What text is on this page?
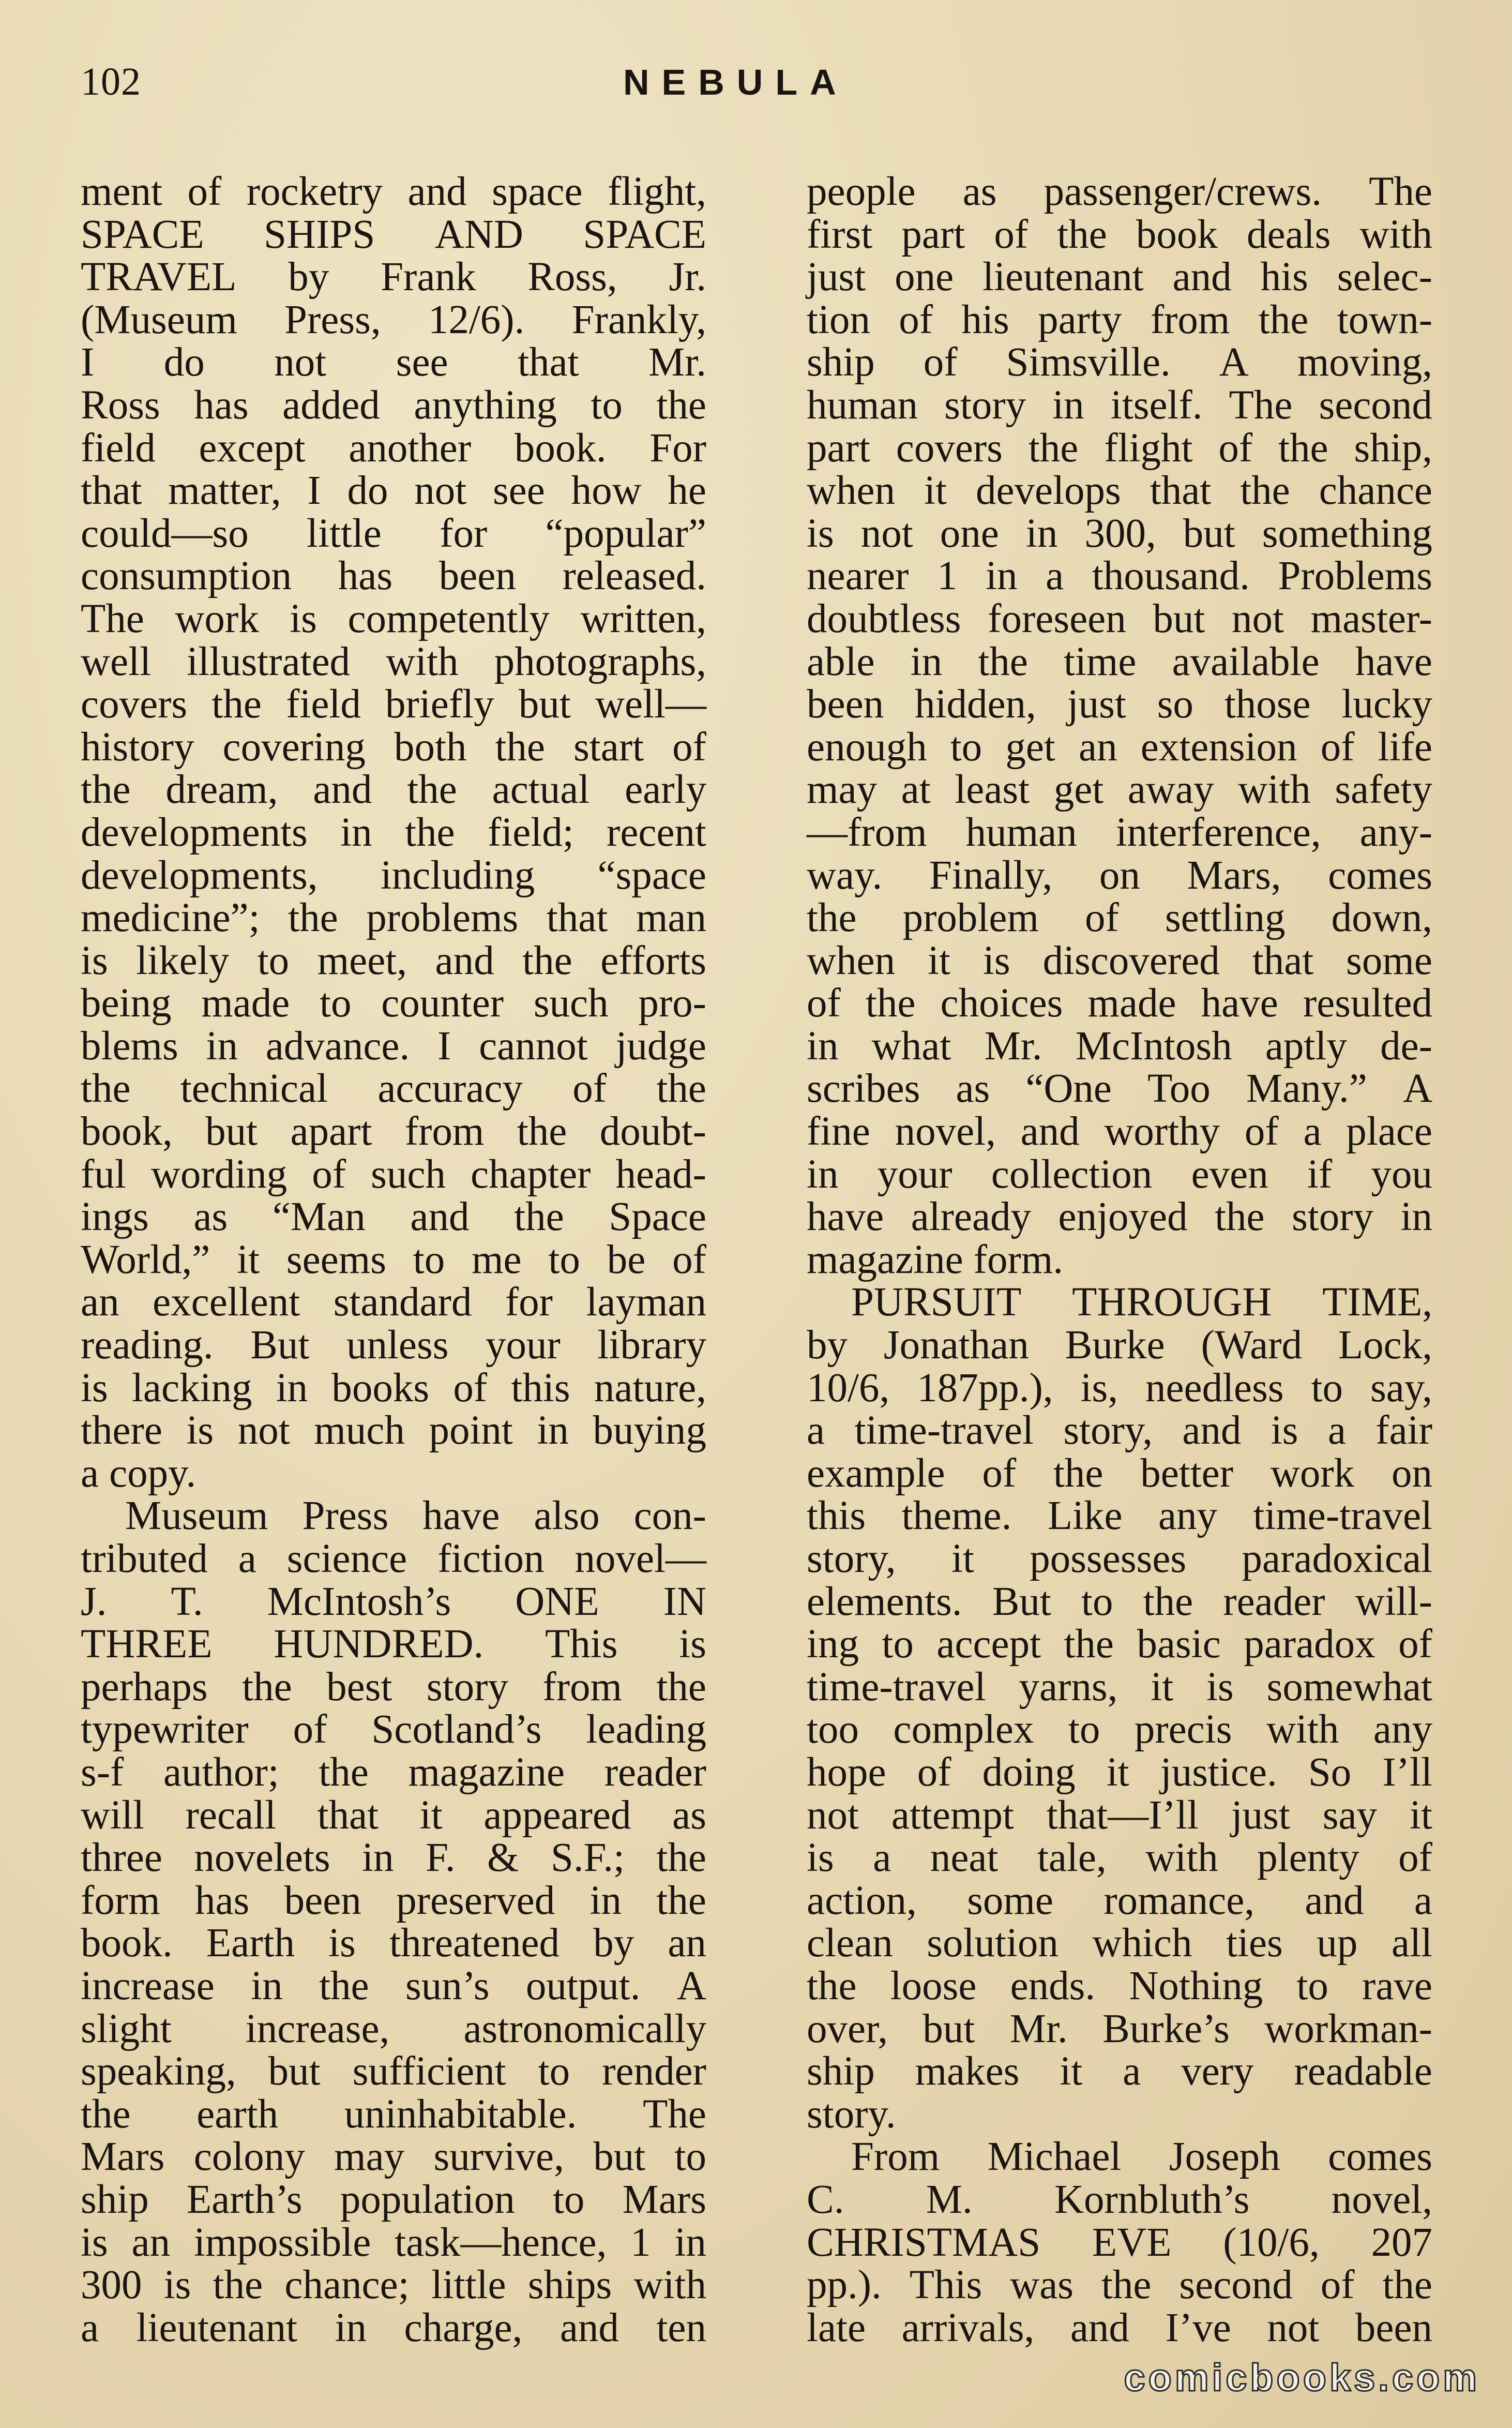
102	NEBULA
ment of rocketry and space flight,
SPACE SHIPS AND SPACE
TRAVEL by Frank Ross, Jr.
(Museum Press, 12/6). Frankly,
I do not see that Mr.
Ross has added anything to the
field except another book. For
that matter, I do not see how he
could—so little for “popular”
consumption has been released.
The work is competently written,
well illustrated with photographs,
covers the field briefly but well—
history covering both the start of
the dream, and the actual early
developments in the field; recent
developments, including “space
medicine”; the problems that man
is likely to meet, and the efforts
being made to counter such pro-
blems in advance. I cannot judge
the technical accuracy of the
book, but apart from the doubt-
ful wording of such chapter head-
ings as “Man and the Space
World,” it seems to me to be of
an excellent standard for layman
reading. But unless your library
is lacking in books of this nature,
there is not much point in buying
a copy.
Museum Press have also con-
tributed a science fiction novel—
J. T. McIntosh’s ONE IN
THREE HUNDRED. This is
perhaps the best story from the
typewriter of Scotland’s leading
s-f author; the magazine reader
will recall that it appeared as
three novelets in F. & S.F.; the
form has been preserved in the
book. Earth is threatened by an
increase in the sun’s output. A
slight increase, astronomically
speaking, but sufficient to render
the earth uninhabitable. The
Mars colony may survive, but to
ship Earth’s population to Mars
is an impossible task—hence, 1 in
300 is the chance; little ships with
a lieutenant in charge, and ten
people as passenger/crews. The
first part of the book deals with
just one lieutenant and his selec-
tion of his party from the town-
ship of Simsville. A moving,
human story in itself. The second
part covers the flight of the ship,
when it develops that the chance
is not one in 300, but something
nearer 1 in a thousand. Problems
doubtless foreseen but not master-
able in the time available have
been hidden, just so those lucky
enough to get an extension of life
may at least get away with safety
—from human interference, any-
way. Finally, on Mars, comes
the problem of settling down,
when it is discovered that some
of the choices made have resulted
in what Mr. McIntosh aptly de-
scribes as “One Too Many.” A
fine novel, and worthy of a place
in your collection even if you
have already enjoyed the story in
magazine form.
PURSUIT THROUGH TIME,
by Jonathan Burke (Ward Lock,
10/6, 187pp.), is, needless to say,
a time-travel story, and is a fair
example of the better work on
this theme. Like any time-travel
story, it possesses paradoxical
elements. But to the reader will-
ing to accept the basic paradox of
time-travel yarns, it is somewhat
too complex to precis with any
hope of doing it justice. So I’ll
not attempt that—I’ll just say it
is a neat tale, with plenty of
action, some romance, and a
clean solution which ties up all
the loose ends. Nothing to rave
over, but Mr. Burke’s workman-
ship makes it a very readable
story.
From Michael Joseph comes
C. M. Kornbluth’s novel,
CHRISTMAS EVE (10/6, 207
pp.). This was the second of the
late arrivals, and I’ve not been
comicbooks.com
